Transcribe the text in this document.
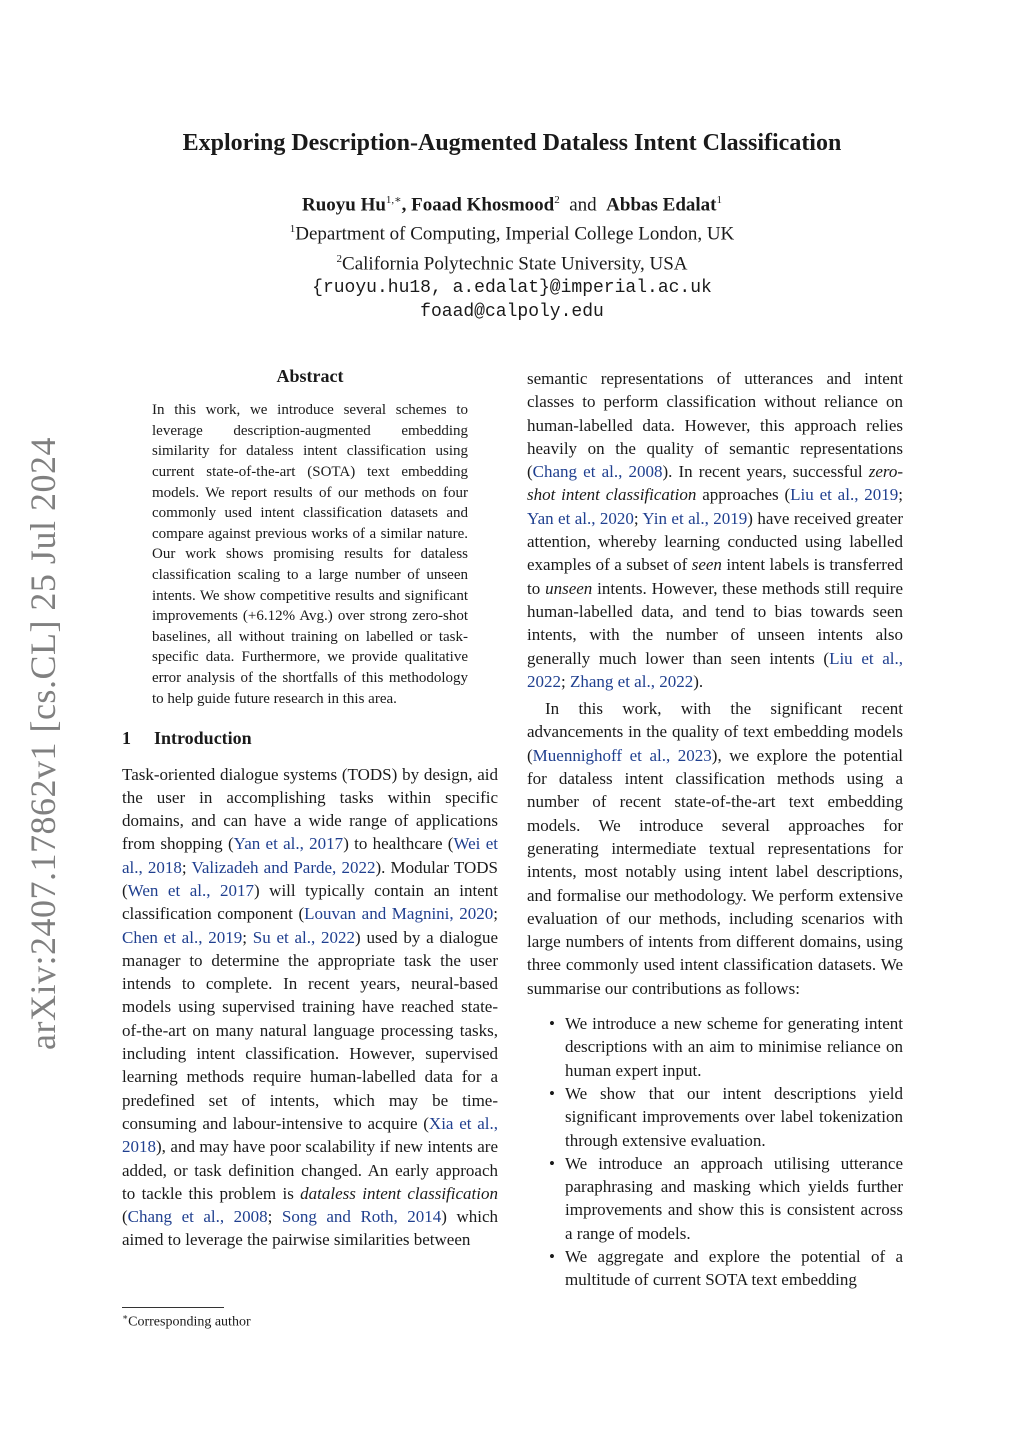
arXiv:2407.17862v1 [cs.CL] 25 Jul 2024
Exploring Description-Augmented Dataless Intent Classification
Ruoyu $Hu^{1,∗}$, Foaad Khosmood$^2$ and Abbas Edalat$^1$
$^1$Department of Computing, Imperial College London, UK
$^2$California Polytechnic State University, USA
{ruoyu.hu18, a.edalat}@imperial.ac.uk
foaad@calpoly.edu
Abstract
In this work, we introduce several schemes to leverage description-augmented embedding similarity for dataless intent classification using current state-of-the-art (SOTA) text embedding models. We report results of our methods on four commonly used intent classification datasets and compare against previous works of a similar nature. Our work shows promising results for dataless classification scaling to a large number of unseen intents. We show competitive results and significant improvements (+6.12% Avg.) over strong zero-shot baselines, all without training on labelled or task-specific data. Furthermore, we provide qualitative error analysis of the shortfalls of this methodology to help guide future research in this area.
1 Introduction

Task-oriented dialogue systems (TODS) by design, aid the user in accomplishing tasks within specific domains, and can have a wide range of applications from shopping (Yan et al., 2017) to healthcare (Wei et al., 2018; Valizadeh and Parde, 2022). Modular TODS (Wen et al., 2017) will typically contain an intent classification component (Louvan and Magnini, 2020; Chen et al., 2019; Su et al., 2022) used by a dialogue manager to determine the appropriate task the user intends to complete. In recent years, neural-based models using supervised training have reached state-of-the-art on many natural language processing tasks, including intent classification. However, supervised learning methods require human-labelled data for a predefined set of intents, which may be time-consuming and labour-intensive to acquire (Xia et al., 2018), and may have poor scalability if new intents are added, or task definition changed. An early approach to tackle this problem is dataless intent classification (Chang et al., 2008; Song and Roth, 2014) which aimed to leverage the pairwise similarities between

semantic representations of utterances and intent classes to perform classification without reliance on human-labelled data. However, this approach relies heavily on the quality of semantic representations (Chang et al., 2008). In recent years, successful zero-shot intent classification approaches (Liu et al., 2019; Yan et al., 2020; Yin et al., 2019) have received greater attention, whereby learning conducted using labelled examples of a subset of seen intent labels is transferred to unseen intents. However, these methods still require human-labelled data, and tend to bias towards seen intents, with the number of unseen intents also generally much lower than seen intents (Liu et al., 2022; Zhang et al., 2022).

In this work, with the significant recent advancements in the quality of text embedding models (Muennighoff et al., 2023), we explore the potential for dataless intent classification methods using a number of recent state-of-the-art text embedding models. We introduce several approaches for generating intermediate textual representations for intents, most notably using intent label descriptions, and formalise our methodology. We perform extensive evaluation of our methods, including scenarios with large numbers of intents from different domains, using three commonly used intent classification datasets. We summarise our contributions as follows:

• We introduce a new scheme for generating intent descriptions with an aim to minimise reliance on human expert input.
• We show that our intent descriptions yield significant improvements over label tokenization through extensive evaluation.
• We introduce an approach utilising utterance paraphrasing and masking which yields further improvements and show this is consistent across a range of models.
• We aggregate and explore the potential of a multitude of current SOTA text embedding
∗Corresponding author
